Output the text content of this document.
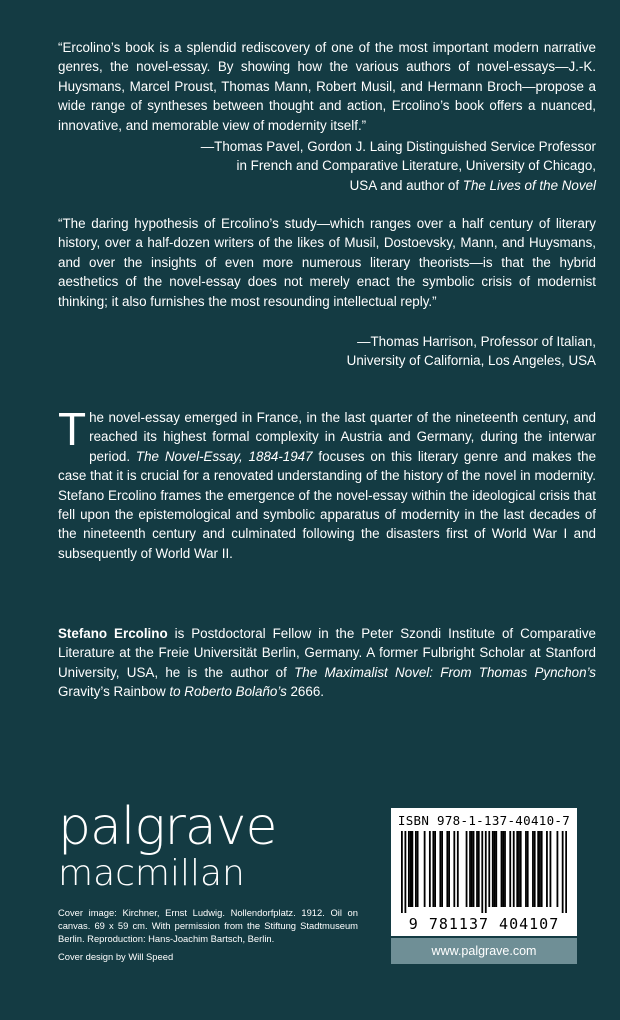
“Ercolino’s book is a splendid rediscovery of one of the most important modern narrative genres, the novel-essay. By showing how the various authors of novel-essays—J.-K. Huysmans, Marcel Proust, Thomas Mann, Robert Musil, and Hermann Broch—propose a wide range of syntheses between thought and action, Ercolino’s book offers a nuanced, innovative, and memorable view of modernity itself.”

—Thomas Pavel, Gordon J. Laing Distinguished Service Professor
in French and Comparative Literature, University of Chicago,
USA and author of The Lives of the Novel

“The daring hypothesis of Ercolino’s study—which ranges over a half century of literary history, over a half-dozen writers of the likes of Musil, Dostoevsky, Mann, and Huysmans, and over the insights of even more numerous literary theorists—is that the hybrid aesthetics of the novel-essay does not merely enact the symbolic crisis of modernist thinking; it also furnishes the most resounding intellectual reply.”

—Thomas Harrison, Professor of Italian,
University of California, Los Angeles, USA

The novel-essay emerged in France, in the last quarter of the nineteenth century, and reached its highest formal complexity in Austria and Germany, during the interwar period. The Novel-Essay, 1884-1947 focuses on this literary genre and makes the case that it is crucial for a renovated understanding of the history of the novel in modernity. Stefano Ercolino frames the emergence of the novel-essay within the ideological crisis that fell upon the epistemological and symbolic apparatus of modernity in the last decades of the nineteenth century and culminated following the disasters first of World War I and subsequently of World War II.

Stefano Ercolino is Postdoctoral Fellow in the Peter Szondi Institute of Comparative Literature at the Freie Universität Berlin, Germany. A former Fulbright Scholar at Stanford University, USA, he is the author of The Maximalist Novel: From Thomas Pynchon’s Gravity’s Rainbow to Roberto Bolaño’s 2666.

palgrave
macmillan

Cover image: Kirchner, Ernst Ludwig. Nollendorfplatz. 1912. Oil on canvas. 69 x 59 cm. With permission from the Stiftung Stadtmuseum Berlin. Reproduction: Hans-Joachim Bartsch, Berlin.

Cover design by Will Speed

ISBN 978-1-137-40410-7
9 781137 404107
www.palgrave.com
